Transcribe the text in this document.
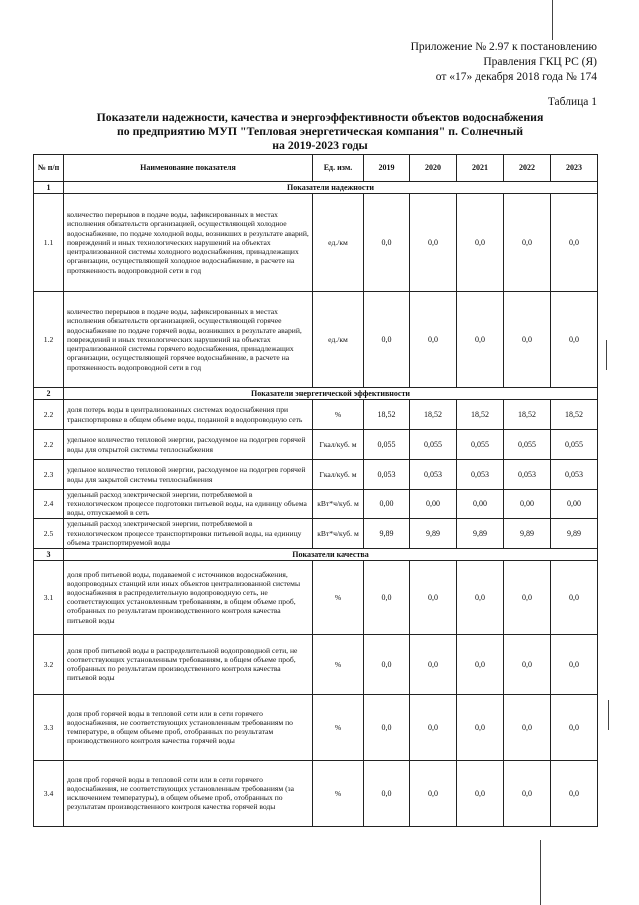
Приложение № 2.97 к постановлению
Правления ГКЦ РС (Я)
от «17» декабря 2018 года № 174
Таблица 1
Показатели надежности, качества и энергоэффективности объектов водоснабжения
по предприятию МУП "Тепловая энергетическая компания" п. Солнечный
на 2019-2023 годы
№ п/п	Наименование показателя	Ед. изм.	2019	2020	2021	2022	2023
1	Показатели надежности						
1.1	количество перерывов в подаче воды, зафиксированных в местах исполнения обязательств организацией, осуществляющей холодное водоснабжение, по подаче холодной воды, возникших в результате аварий, повреждений и иных технологических нарушений на объектах централизованной системы холодного водоснабжения, принадлежащих организации, осуществляющей холодное водоснабжение, в расчете на протяженность водопроводной сети в год	ед./км	0,0	0,0	0,0	0,0	0,0
1.2	количество перерывов в подаче воды, зафиксированных в местах исполнения обязательств организацией, осуществляющей горячее водоснабжение по подаче горячей воды, возникших в результате аварий, повреждений и иных технологических нарушений на объектах централизованной системы горячего водоснабжения, принадлежащих организации, осуществляющей горячее водоснабжение, в расчете на протяженность водопроводной сети в год	ед./км	0,0	0,0	0,0	0,0	0,0
2	Показатели энергетической эффективности						
2.2	доля потерь воды в централизованных системах водоснабжения при транспортировке в общем объеме воды, поданной в водопроводную сеть	%	18,52	18,52	18,52	18,52	18,52
2.2	удельное количество тепловой энергии, расходуемое на подогрев горячей воды для открытой системы теплоснабжения	Гкал/куб. м	0,055	0,055	0,055	0,055	0,055
2.3	удельное количество тепловой энергии, расходуемое на подогрев горячей воды для закрытой системы теплоснабжения	Гкал/куб. м	0,053	0,053	0,053	0,053	0,053
2.4	удельный расход электрической энергии, потребляемой в технологическом процессе подготовки питьевой воды, на единицу объема воды, отпускаемой в сеть	кВт*ч/куб. м	0,00	0,00	0,00	0,00	0,00
2.5	удельный расход электрической энергии, потребляемой в технологическом процессе транспортировки питьевой воды, на единицу объема транспортируемой воды	кВт*ч/куб. м	9,89	9,89	9,89	9,89	9,89
3	Показатели качества						
3.1	доля проб питьевой воды, подаваемой с источников водоснабжения, водопроводных станций или иных объектов централизованной системы водоснабжения в распределительную водопроводную сеть, не соответствующих установленным требованиям, в общем объеме проб, отобранных по результатам производственного контроля качества питьевой воды	%	0,0	0,0	0,0	0,0	0,0
3.2	доля проб питьевой воды в распределительной водопроводной сети, не соответствующих установленным требованиям, в общем объеме проб, отобранных по результатам производственного контроля качества питьевой воды	%	0,0	0,0	0,0	0,0	0,0
3.3	доля проб горячей воды в тепловой сети или в сети горячего водоснабжения, не соответствующих установленным требованиям по температуре, в общем объеме проб, отобранных по результатам производственного контроля качества горячей воды	%	0,0	0,0	0,0	0,0	0,0
3.4	доля проб горячей воды в тепловой сети или в сети горячего водоснабжения, не соответствующих установленным требованиям (за исключением температуры), в общем объеме проб, отобранных по результатам производственного контроля качества горячей воды	%	0,0	0,0	0,0	0,0	0,0
